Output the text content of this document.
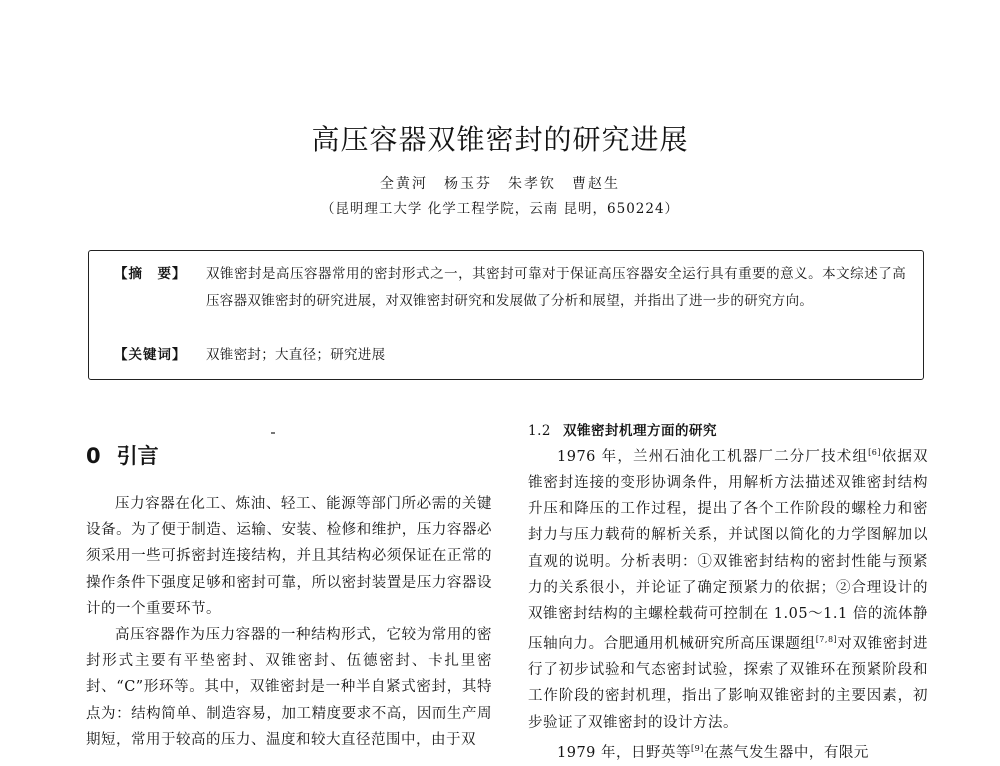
高压容器双锥密封的研究进展
全黄河　杨玉芬　朱孝钦　曹赵生
（昆明理工大学 化学工程学院，云南 昆明，650224）
【摘　要】 双锥密封是高压容器常用的密封形式之一，其密封可靠对于保证高压容器安全运行具有重要的意义。本文综述了高压容器双锥密封的研究进展，对双锥密封研究和发展做了分析和展望，并指出了进一步的研究方向。
【关键词】 双锥密封；大直径；研究进展
0 引言

压力容器在化工、炼油、轻工、能源等部门所必需的关键设备。为了便于制造、运输、安装、检修和维护，压力容器必须采用一些可拆密封连接结构，并且其结构必须保证在正常的操作条件下强度足够和密封可靠，所以密封装置是压力容器设计的一个重要环节。

高压容器作为压力容器的一种结构形式，它较为常用的密封形式主要有平垫密封、双锥密封、伍德密封、卡扎里密封、“C”形环等。其中，双锥密封是一种半自紧式密封，其特点为：结构简单、制造容易，加工精度要求不高，因而生产周期短，常用于较高的压力、温度和较大直径范围中，由于双

1.2 双锥密封机理方面的研究

1976 年，兰州石油化工机器厂二分厂技术组[6]依据双锥密封连接的变形协调条件，用解析方法描述双锥密封结构升压和降压的工作过程，提出了各个工作阶段的螺栓力和密封力与压力载荷的解析关系，并试图以简化的力学图解加以直观的说明。分析表明：①双锥密封结构的密封性能与预紧力的关系很小，并论证了确定预紧力的依据；②合理设计的双锥密封结构的主螺栓载荷可控制在 1.05～1.1 倍的流体静压轴向力。合肥通用机械研究所高压课题组[7,8]对双锥密封进行了初步试验和气态密封试验，探索了双锥环在预紧阶段和工作阶段的密封机理，指出了影响双锥密封的主要因素，初步验证了双锥密封的设计方法。

1979 年，日野英等[9]在蒸气发生器中，有限元
